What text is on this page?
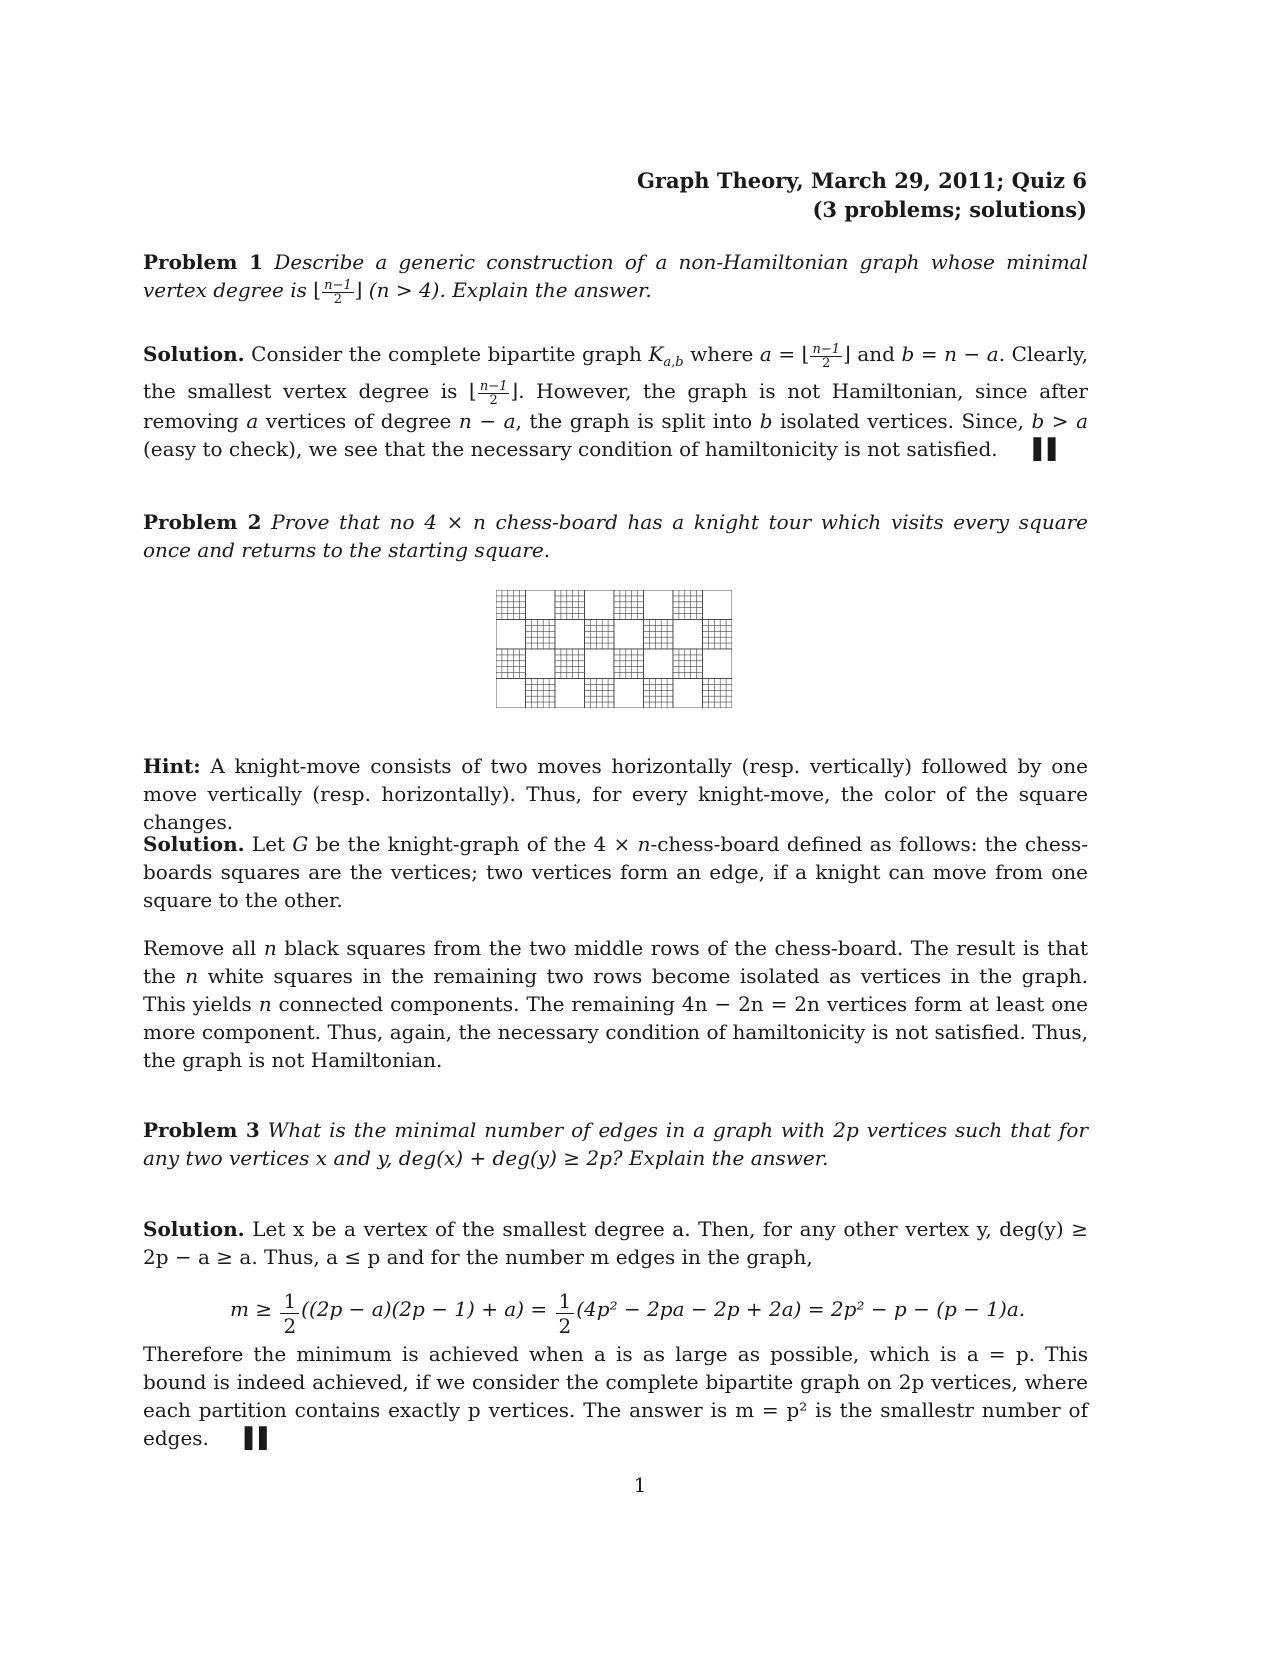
Graph Theory, March 29, 2011; Quiz 6
(3 problems; solutions)
Problem 1 Describe a generic construction of a non-Hamiltonian graph whose minimal vertex degree is ⌊ $\frac{n-1}{2}$ ⌋ (n > 4). Explain the answer.
Solution. Consider the complete bipartite graph $K_{a,b}$ where a = ⌊ $\frac{n-1}{2}$ ⌋ and b = n − a. Clearly, the smallest vertex degree is ⌊ $\frac{n-1}{2}$ ⌋. However, the graph is not Hamiltonian, since after removing a vertices of degree n − a, the graph is split into b isolated vertices. Since, b > a (easy to check), we see that the necessary condition of hamiltonicity is not satisfied. ▌▌
Problem 2 Prove that no 4 × n chess-board has a knight tour which visits every square once and returns to the starting square.
Hint: A knight-move consists of two moves horizontally (resp. vertically) followed by one move vertically (resp. horizontally). Thus, for every knight-move, the color of the square changes.
Solution. Let G be the knight-graph of the 4 × n-chess-board defined as follows: the chess-boards squares are the vertices; two vertices form an edge, if a knight can move from one square to the other.
Remove all n black squares from the two middle rows of the chess-board. The result is that the n white squares in the remaining two rows become isolated as vertices in the graph. This yields n connected components. The remaining 4n − 2n = 2n vertices form at least one more component. Thus, again, the necessary condition of hamiltonicity is not satisfied. Thus, the graph is not Hamiltonian.
Problem 3 What is the minimal number of edges in a graph with 2p vertices such that for any two vertices x and y, deg(x) + deg(y) ≥ 2p? Explain the answer.
Solution. Let x be a vertex of the smallest degree a. Then, for any other vertex y, deg(y) ≥ 2p − a ≥ a. Thus, a ≤ p and for the number m edges in the graph,
$m \ge \frac{1}{2} ((2p - a)(2p - 1) + a) = \frac{1}{2} (4p^2 - 2pa - 2p + 2a) = 2p^2 - p - (p - 1)a$.
Therefore the minimum is achieved when a is as large as possible, which is a = p. This bound is indeed achieved, if we consider the complete bipartite graph on 2p vertices, where each partition contains exactly p vertices. The answer is m = p² is the smallestr number of edges. ▌▌
1
